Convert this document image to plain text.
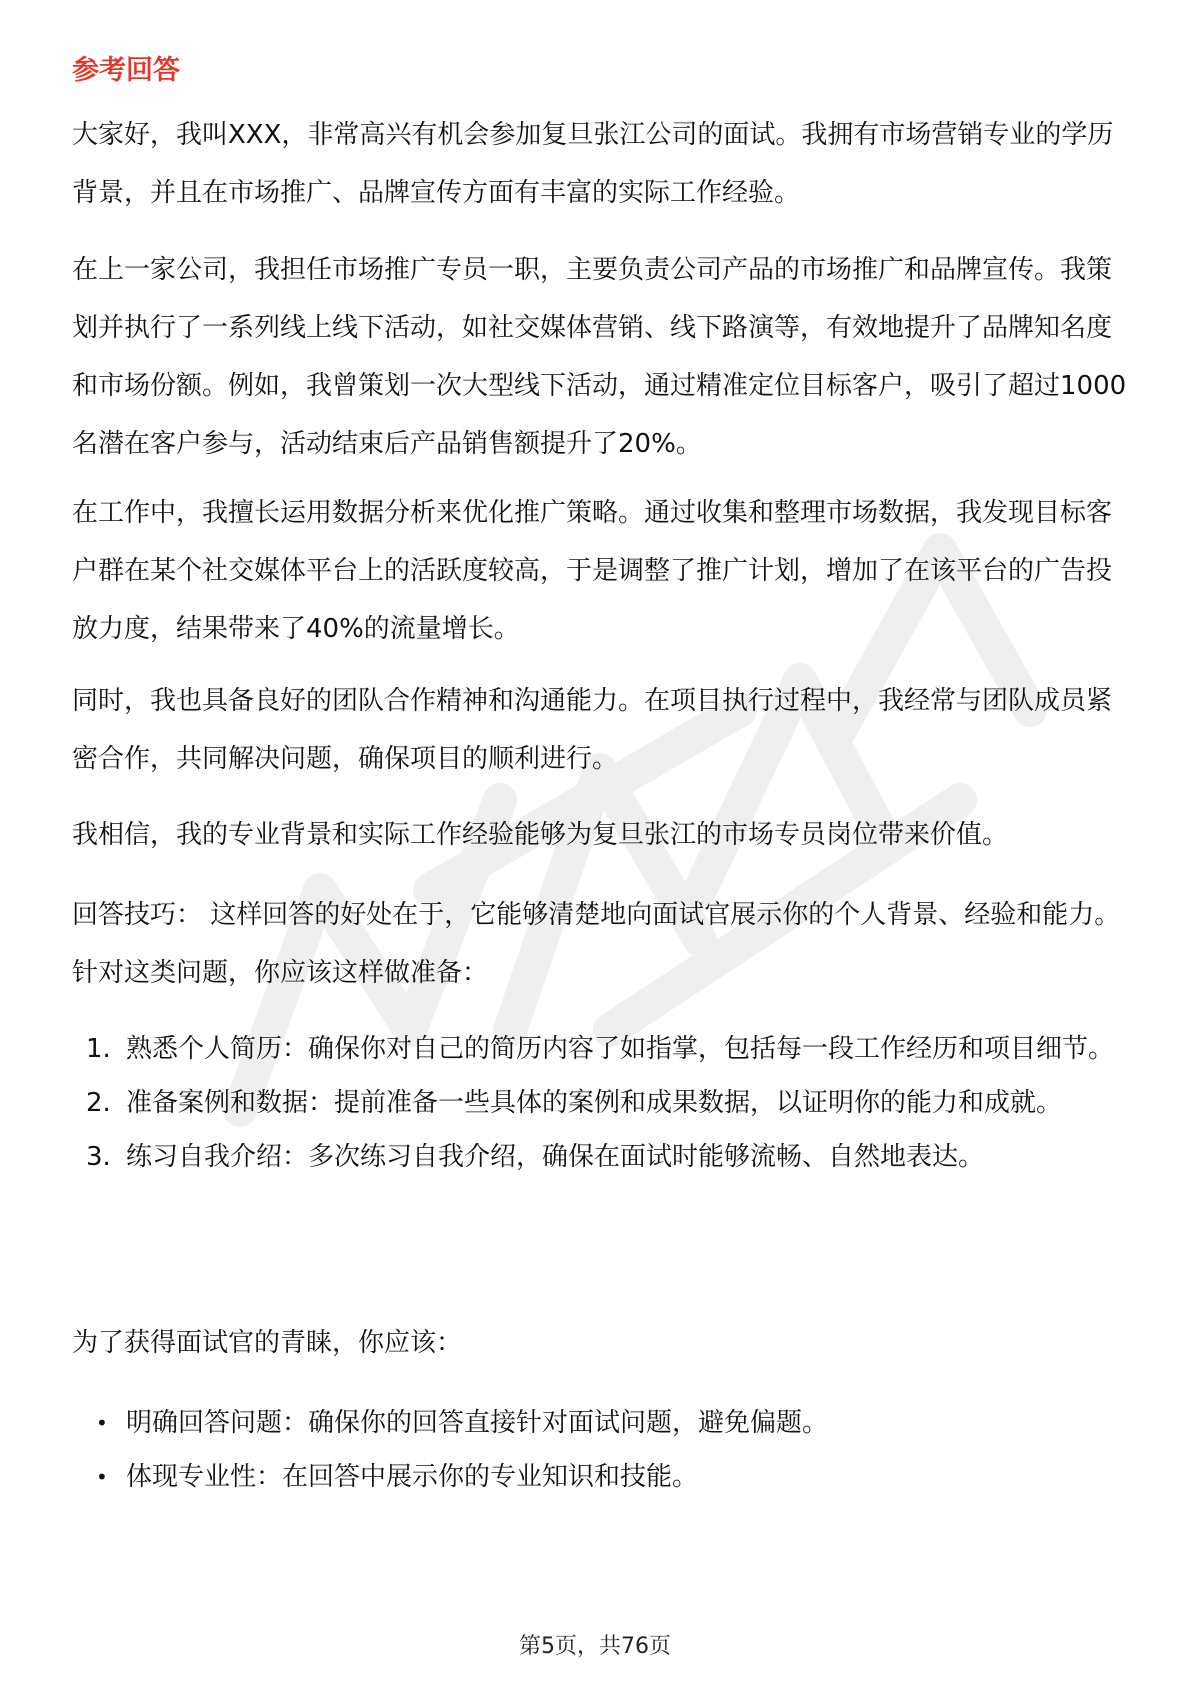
参考回答

大家好，我叫XXX，非常高兴有机会参加复旦张江公司的面试。我拥有市场营销专业的学历背景，并且在市场推广、品牌宣传方面有丰富的实际工作经验。

在上一家公司，我担任市场推广专员一职，主要负责公司产品的市场推广和品牌宣传。我策划并执行了一系列线上线下活动，如社交媒体营销、线下路演等，有效地提升了品牌知名度和市场份额。例如，我曾策划一次大型线下活动，通过精准定位目标客户，吸引了超过1000名潜在客户参与，活动结束后产品销售额提升了20%。

在工作中，我擅长运用数据分析来优化推广策略。通过收集和整理市场数据，我发现目标客户群在某个社交媒体平台上的活跃度较高，于是调整了推广计划，增加了在该平台的广告投放力度，结果带来了40%的流量增长。

同时，我也具备良好的团队合作精神和沟通能力。在项目执行过程中，我经常与团队成员紧密合作，共同解决问题，确保项目的顺利进行。

我相信，我的专业背景和实际工作经验能够为复旦张江的市场专员岗位带来价值。

回答技巧： 这样回答的好处在于，它能够清楚地向面试官展示你的个人背景、经验和能力。针对这类问题，你应该这样做准备：

1. 熟悉个人简历：确保你对自己的简历内容了如指掌，包括每一段工作经历和项目细节。
2. 准备案例和数据：提前准备一些具体的案例和成果数据，以证明你的能力和成就。
3. 练习自我介绍：多次练习自我介绍，确保在面试时能够流畅、自然地表达。

为了获得面试官的青睐，你应该：

• 明确回答问题：确保你的回答直接针对面试问题，避免偏题。
• 体现专业性：在回答中展示你的专业知识和技能。
第5页，共76页
